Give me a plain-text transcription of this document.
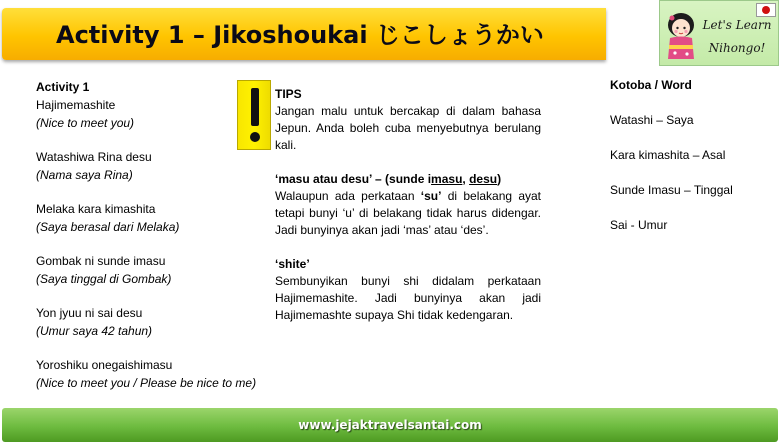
Activity 1 – Jikoshoukai じこしょうかい	Let's Learn
Nihongo!
Activity 1
Hajimemashite
(Nice to meet you)
Watashiwa Rina desu
(Nama saya Rina)
Melaka kara kimashita
(Saya berasal dari Melaka)
Gombak ni sunde imasu
(Saya tinggal di Gombak)
Yon jyuu ni sai desu
(Umur saya 42 tahun)
Yoroshiku onegaishimasu
(Nice to meet you / Please be nice to me)
TIPS

Jangan malu untuk bercakap di dalam bahasa Jepun. Anda boleh cuba menyebutnya berulang kali.

‘masu atau desu’ – (sunde imasu, desu)

Walaupun ada perkataan ‘su’ di belakang ayat tetapi bunyi ‘u’ di belakang tidak harus didengar. Jadi bunyinya akan jadi ‘mas’ atau ‘des’.

‘shite’

Sembunyikan bunyi shi didalam perkataan Hajimemashite. Jadi bunyinya akan jadi Hajimemashte supaya Shi tidak kedengaran.

Kotoba / Word
Watashi – Saya
Kara kimashita – Asal
Sunde Imasu – Tinggal
Sai - Umur
www.jejaktravelsantai.com
